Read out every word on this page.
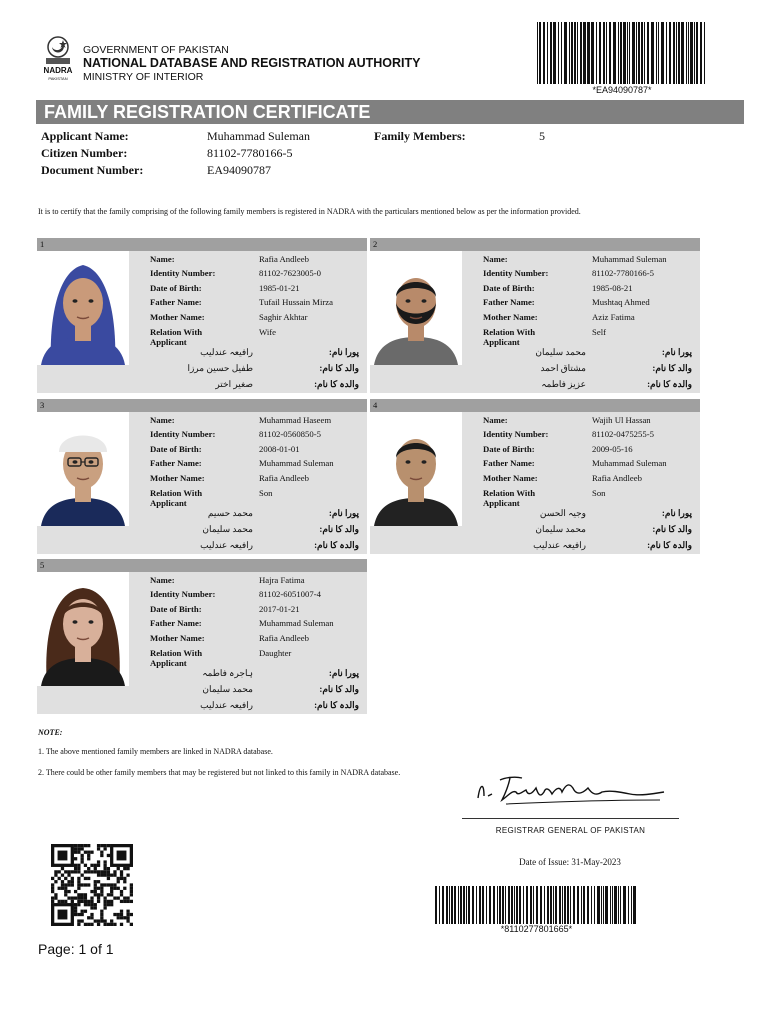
NADRA
PAKISTAN
GOVERNMENT OF PAKISTAN
NATIONAL DATABASE AND REGISTRATION AUTHORITY
MINISTRY OF INTERIOR
*EA94090787*
FAMILY REGISTRATION CERTIFICATE
Applicant Name:	Muhammad Suleman	Family Members:	5
Citizen Number:	81102-7780166-5
Document Number:	EA94090787
It is to certify that the family comprising of the following family members is registered in NADRA with the particulars mentioned below as per the information provided.
1
Name:	Rafia Andleeb
Identity Number:	81102-7623005-0
Date of Birth:	1985-01-21
Father Name:	Tufail Hussain Mirza
Mother Name:	Saghir Akhtar
Relation With
Applicant
Wife
پورا نام:
رافیعہ عندلیب
والد کا نام:
طفیل حسین مرزا
والدہ کا نام:
صغیر اختر
2
Name:	Muhammad Suleman
Identity Number:	81102-7780166-5
Date of Birth:	1985-08-21
Father Name:	Mushtaq Ahmed
Mother Name:	Aziz Fatima
Relation With
Applicant
Self
پورا نام:
محمد سلیمان
والد کا نام:
مشتاق احمد
والدہ کا نام:
عزیز فاطمہ
3
Name:	Muhammad Haseem
Identity Number:	81102-0560850-5
Date of Birth:	2008-01-01
Father Name:	Muhammad Suleman
Mother Name:	Rafia Andleeb
Relation With
Applicant
Son
پورا نام:
محمد حسیم
والد کا نام:
محمد سلیمان
والدہ کا نام:
رافیعہ عندلیب
4
Name:	Wajih Ul Hassan
Identity Number:	81102-0475255-5
Date of Birth:	2009-05-16
Father Name:	Muhammad Suleman
Mother Name:	Rafia Andleeb
Relation With
Applicant
Son
پورا نام:
وجیہ الحسن
والد کا نام:
محمد سلیمان
والدہ کا نام:
رافیعہ عندلیب
5
Name:	Hajra Fatima
Identity Number:	81102-6051007-4
Date of Birth:	2017-01-21
Father Name:	Muhammad Suleman
Mother Name:	Rafia Andleeb
Relation With
Applicant
Daughter
پورا نام:
ہاجرہ فاطمہ
والد کا نام:
محمد سلیمان
والدہ کا نام:
رافیعہ عندلیب
NOTE:
1. The above mentioned family members are linked in NADRA database.
2. There could be other family members that may be registered but not linked to this family in NADRA database.
REGISTRAR GENERAL OF PAKISTAN
Date of Issue: 31-May-2023
*8110277801665*
Page: 1 of 1
